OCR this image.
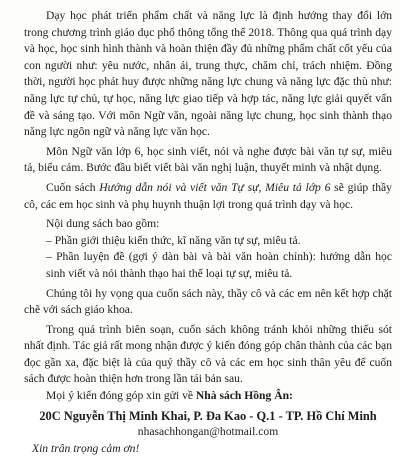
Dạy học phát triển phẩm chất và năng lực là định hướng thay đổi lớn trong chương trình giáo dục phổ thông tổng thể 2018. Thông qua quá trình dạy và học, học sinh hình thành và hoàn thiện đầy đủ những phẩm chất cốt yếu của con người như: yêu nước, nhân ái, trung thực, chăm chỉ, trách nhiệm. Đồng thời, người học phát huy được những năng lực chung và năng lực đặc thù như: năng lực tự chủ, tự học, năng lực giao tiếp và hợp tác, năng lực giải quyết vấn đề và sáng tạo. Với môn Ngữ văn, ngoài năng lực chung, học sinh thành thạo năng lực ngôn ngữ và năng lực văn học.

Môn Ngữ văn lớp 6, học sinh viết, nói và nghe được bài văn tự sự, miêu tả, biểu cảm. Bước đầu biết viết bài văn nghị luận, thuyết minh và nhật dụng.

Cuốn sách Hướng dẫn nói và viết văn Tự sự, Miêu tả lớp 6 sẽ giúp thầy cô, các em học sinh và phụ huynh thuận lợi trong quá trình dạy và học.

Nội dung sách bao gồm:

– Phần giới thiệu kiến thức, kĩ năng văn tự sự, miêu tả.

– Phần luyện đề (gợi ý dàn bài và bài văn hoàn chỉnh): hướng dẫn học sinh viết và nói thành thạo hai thể loại tự sự, miêu tả.

Chúng tôi hy vọng qua cuốn sách này, thầy cô và các em nên kết hợp chặt chẽ với sách giáo khoa.

Trong quá trình biên soạn, cuốn sách không tránh khỏi những thiếu sót nhất định. Tác giả rất mong nhận được ý kiến đóng góp chân thành của các bạn đọc gần xa, đặc biệt là của quý thầy cô và các em học sinh thân yêu để cuốn sách được hoàn thiện hơn trong lần tái bản sau.

Mọi ý kiến đóng góp xin gửi về Nhà sách Hồng Ân:

20C Nguyễn Thị Minh Khai, P. Đa Kao - Q.1 - TP. Hồ Chí Minh

nhasachhongan@hotmail.com

Xin trân trọng cảm ơn!
